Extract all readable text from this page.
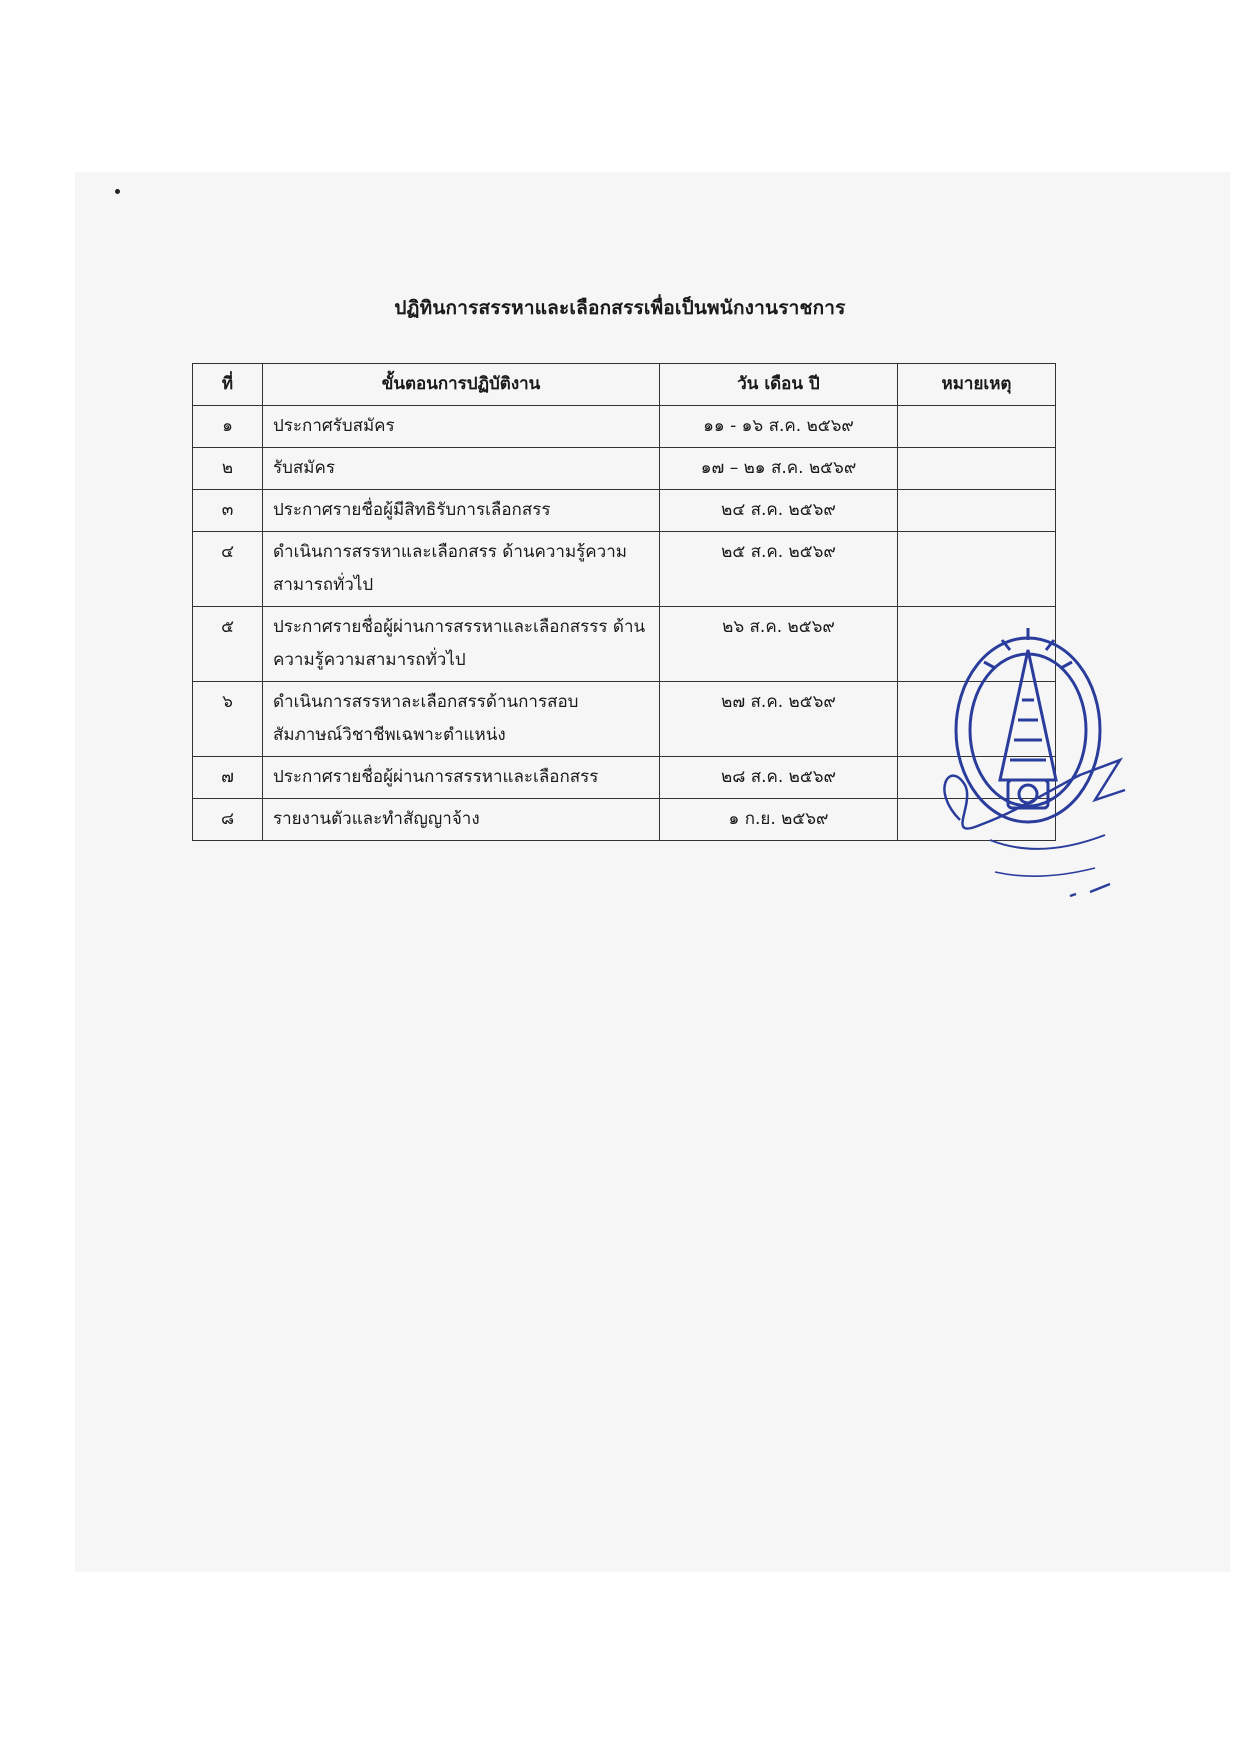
ปฏิทินการสรรหาและเลือกสรรเพื่อเป็นพนักงานราชการ
ที่	ขั้นตอนการปฏิบัติงาน	วัน เดือน ปี	หมายเหตุ
๑	ประกาศรับสมัคร	๑๑ - ๑๖ ส.ค. ๒๕๖๙	
๒	รับสมัคร	๑๗ – ๒๑ ส.ค. ๒๕๖๙	
๓	ประกาศรายชื่อผู้มีสิทธิรับการเลือกสรร	๒๔ ส.ค. ๒๕๖๙	
๔	ดำเนินการสรรหาและเลือกสรร ด้านความรู้ความสามารถทั่วไป	๒๕ ส.ค. ๒๕๖๙	
๕	ประกาศรายชื่อผู้ผ่านการสรรหาและเลือกสรรร ด้านความรู้ความสามารถทั่วไป	๒๖ ส.ค. ๒๕๖๙	
๖	ดำเนินการสรรหาละเลือกสรรด้านการสอบ สัมภาษณ์วิชาชีพเฉพาะตำแหน่ง	๒๗ ส.ค. ๒๕๖๙	
๗	ประกาศรายชื่อผู้ผ่านการสรรหาและเลือกสรร	๒๘ ส.ค. ๒๕๖๙	
๘	รายงานตัวและทำสัญญาจ้าง	๑ ก.ย. ๒๕๖๙	
